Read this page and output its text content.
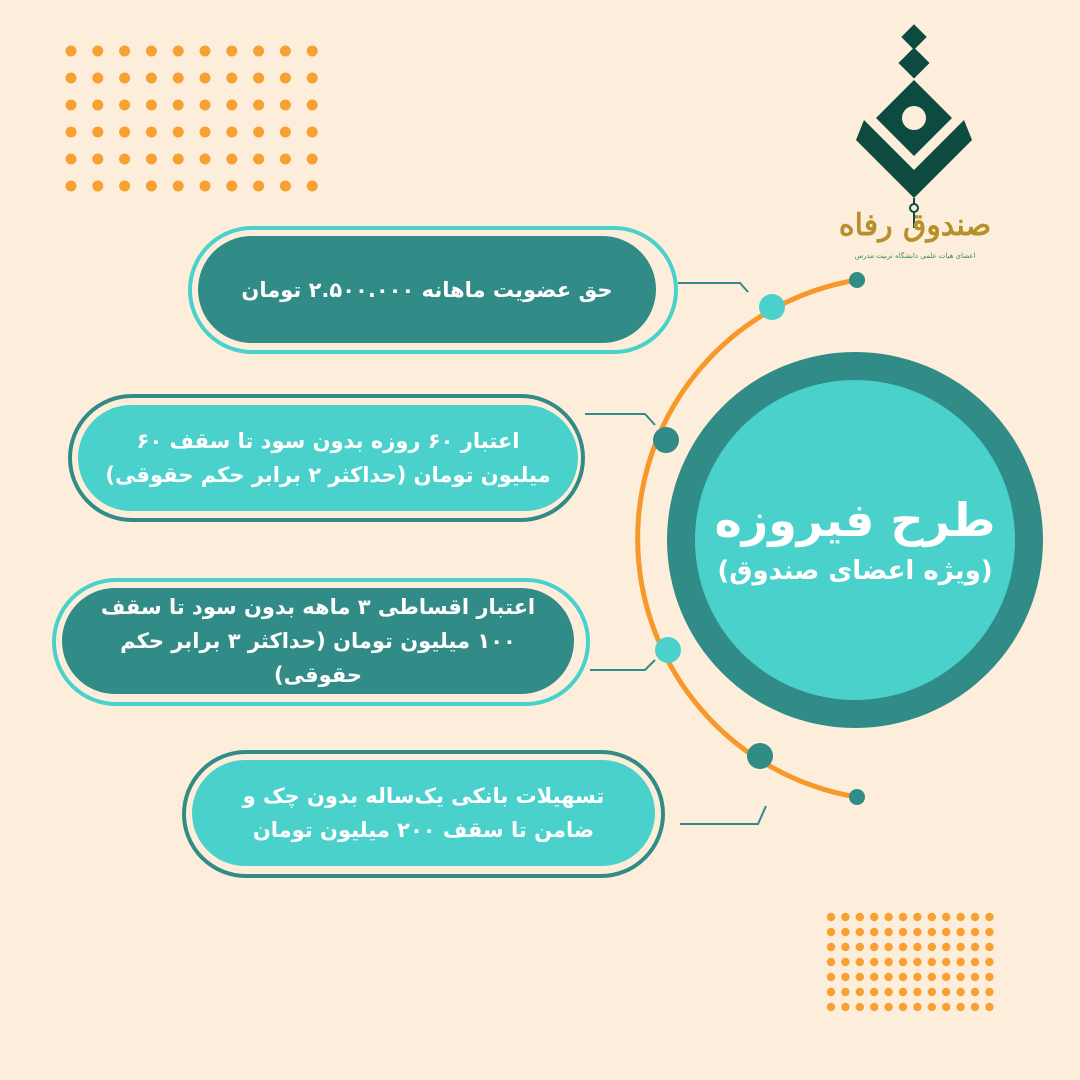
صندوق رفاه
اعضای هیات علمی دانشگاه تربیت مدرس
طرح فیروزه
(ویژه اعضای صندوق)
حق عضویت ماهانه ۲.۵۰۰.۰۰۰ تومان
اعتبار ۶۰ روزه بدون سود تا سقف ۶۰ میلیون تومان (حداکثر ۲ برابر حکم حقوقی)
اعتبار اقساطی ۳ ماهه بدون سود تا سقف ۱۰۰ میلیون تومان (حداکثر ۳ برابر حکم حقوقی)
تسهیلات بانکی یک‌ساله بدون چک و ضامن تا سقف ۲۰۰ میلیون تومان
